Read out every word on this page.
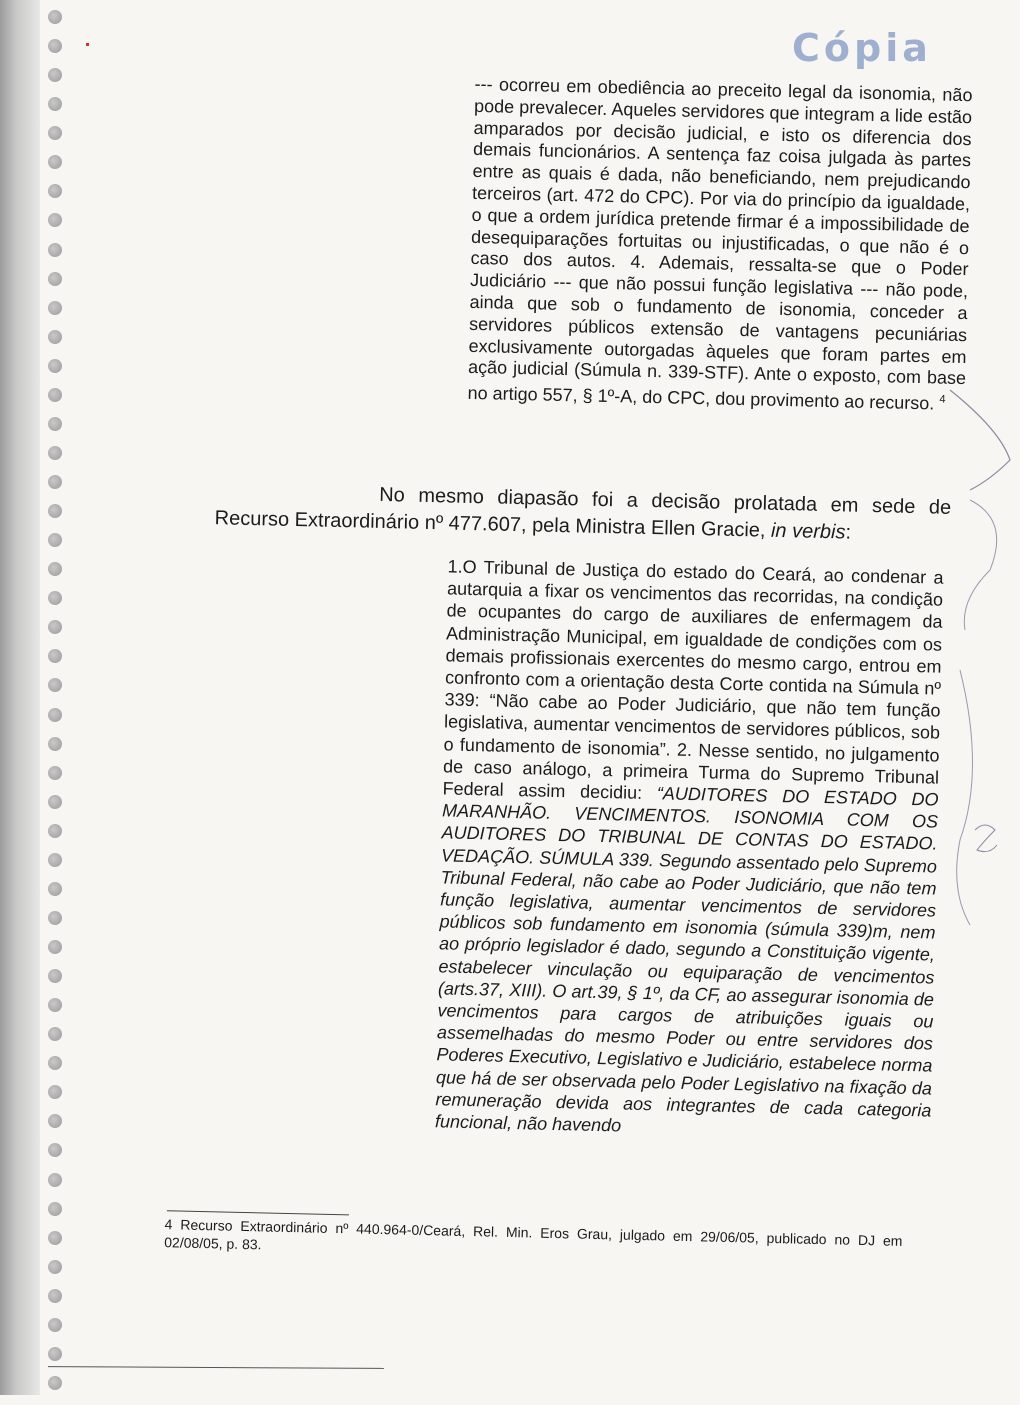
Cópia
--- ocorreu em obediência ao preceito legal da isonomia, não pode prevalecer. Aqueles servidores que integram a lide estão amparados por decisão judicial, e isto os diferencia dos demais funcionários. A sentença faz coisa julgada às partes entre as quais é dada, não beneficiando, nem prejudicando terceiros (art. 472 do CPC). Por via do princípio da igualdade, o que a ordem jurídica pretende firmar é a impossibilidade de desequiparações fortuitas ou injustificadas, o que não é o caso dos autos. 4. Ademais, ressalta-se que o Poder Judiciário --- que não possui função legislativa --- não pode, ainda que sob o fundamento de isonomia, conceder a servidores públicos extensão de vantagens pecuniárias exclusivamente outorgadas àqueles que foram partes em ação judicial (Súmula n. 339-STF). Ante o exposto, com base no artigo 557, § 1º-A, do CPC, dou provimento ao recurso. $^4$
No mesmo diapasão foi a decisão prolatada em sede de Recurso Extraordinário nº 477.607, pela Ministra Ellen Gracie, in verbis:
1.O Tribunal de Justiça do estado do Ceará, ao condenar a autarquia a fixar os vencimentos das recorridas, na condição de ocupantes do cargo de auxiliares de enfermagem da Administração Municipal, em igualdade de condições com os demais profissionais exercentes do mesmo cargo, entrou em confronto com a orientação desta Corte contida na Súmula nº 339: “Não cabe ao Poder Judiciário, que não tem função legislativa, aumentar vencimentos de servidores públicos, sob o fundamento de isonomia”. 2. Nesse sentido, no julgamento de caso análogo, a primeira Turma do Supremo Tribunal Federal assim decidiu: “AUDITORES DO ESTADO DO MARANHÃO. VENCIMENTOS. ISONOMIA COM OS AUDITORES DO TRIBUNAL DE CONTAS DO ESTADO. VEDAÇÃO. SÚMULA 339. Segundo assentado pelo Supremo Tribunal Federal, não cabe ao Poder Judiciário, que não tem função legislativa, aumentar vencimentos de servidores públicos sob fundamento em isonomia (súmula 339)m, nem ao próprio legislador é dado, segundo a Constituição vigente, estabelecer vinculação ou equiparação de vencimentos (arts.37, XIII). O art.39, § 1º, da CF, ao assegurar isonomia de vencimentos para cargos de atribuições iguais ou assemelhadas do mesmo Poder ou entre servidores dos Poderes Executivo, Legislativo e Judiciário, estabelece norma que há de ser observada pelo Poder Legislativo na fixação da remuneração devida aos integrantes de cada categoria funcional, não havendo
4 Recurso Extraordinário nº 440.964-0/Ceará, Rel. Min. Eros Grau, julgado em 29/06/05, publicado no DJ em 02/08/05, p. 83.
